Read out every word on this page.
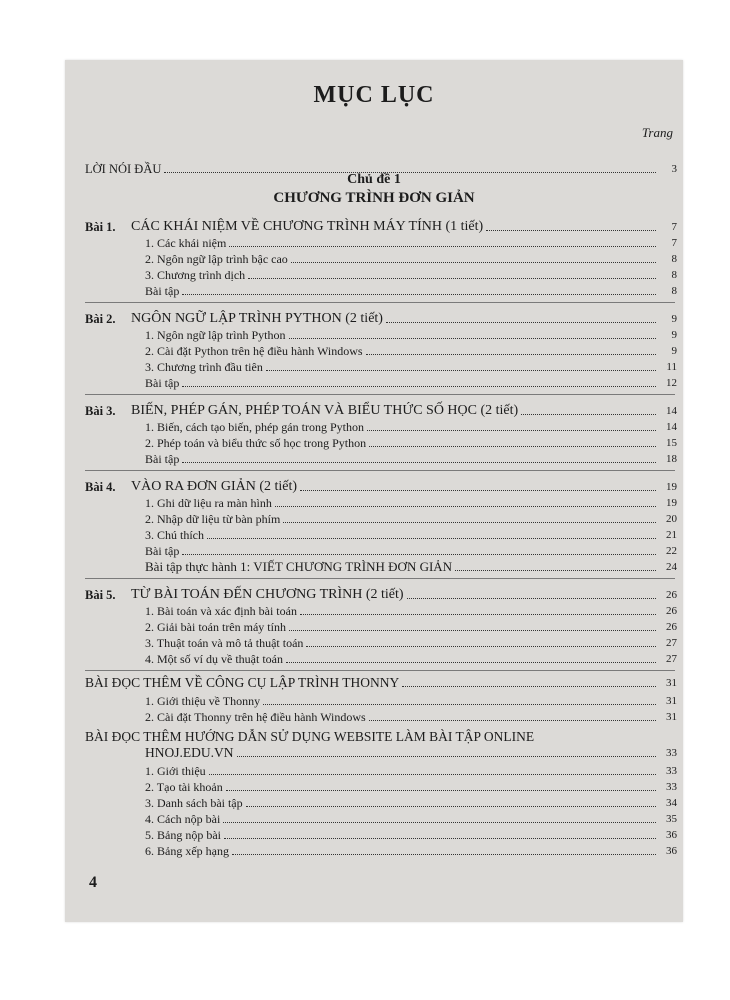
MỤC LỤC
Trang
LỜI NÓI ĐẦU	3
Chủ đề 1
CHƯƠNG TRÌNH ĐƠN GIẢN
Bài 1.	CÁC KHÁI NIỆM VỀ CHƯƠNG TRÌNH MÁY TÍNH (1 tiết)	7
1. Các khái niệm	7
2. Ngôn ngữ lập trình bậc cao	8
3. Chương trình dịch	8
Bài tập	8
Bài 2.	NGÔN NGỮ LẬP TRÌNH PYTHON (2 tiết)	9
1. Ngôn ngữ lập trình Python	9
2. Cài đặt Python trên hệ điều hành Windows	9
3. Chương trình đầu tiên	11
Bài tập	12
Bài 3.	BIẾN, PHÉP GÁN, PHÉP TOÁN VÀ BIỂU THỨC SỐ HỌC (2 tiết)	14
1. Biến, cách tạo biến, phép gán trong Python	14
2. Phép toán và biểu thức số học trong Python	15
Bài tập	18
Bài 4.	VÀO RA ĐƠN GIẢN (2 tiết)	19
1. Ghi dữ liệu ra màn hình	19
2. Nhập dữ liệu từ bàn phím	20
3. Chú thích	21
Bài tập	22
Bài tập thực hành 1: VIẾT CHƯƠNG TRÌNH ĐƠN GIẢN	24
Bài 5.	TỪ BÀI TOÁN ĐẾN CHƯƠNG TRÌNH (2 tiết)	26
1. Bài toán và xác định bài toán	26
2. Giải bài toán trên máy tính	26
3. Thuật toán và mô tả thuật toán	27
4. Một số ví dụ về thuật toán	27
BÀI ĐỌC THÊM VỀ CÔNG CỤ LẬP TRÌNH THONNY	31
1. Giới thiệu về Thonny	31
2. Cài đặt Thonny trên hệ điều hành Windows	31
BÀI ĐỌC THÊM HƯỚNG DẪN SỬ DỤNG WEBSITE LÀM BÀI TẬP ONLINE
HNOJ.EDU.VN	33
1. Giới thiệu	33
2. Tạo tài khoản	33
3. Danh sách bài tập	34
4. Cách nộp bài	35
5. Bảng nộp bài	36
6. Bảng xếp hạng	36
4
